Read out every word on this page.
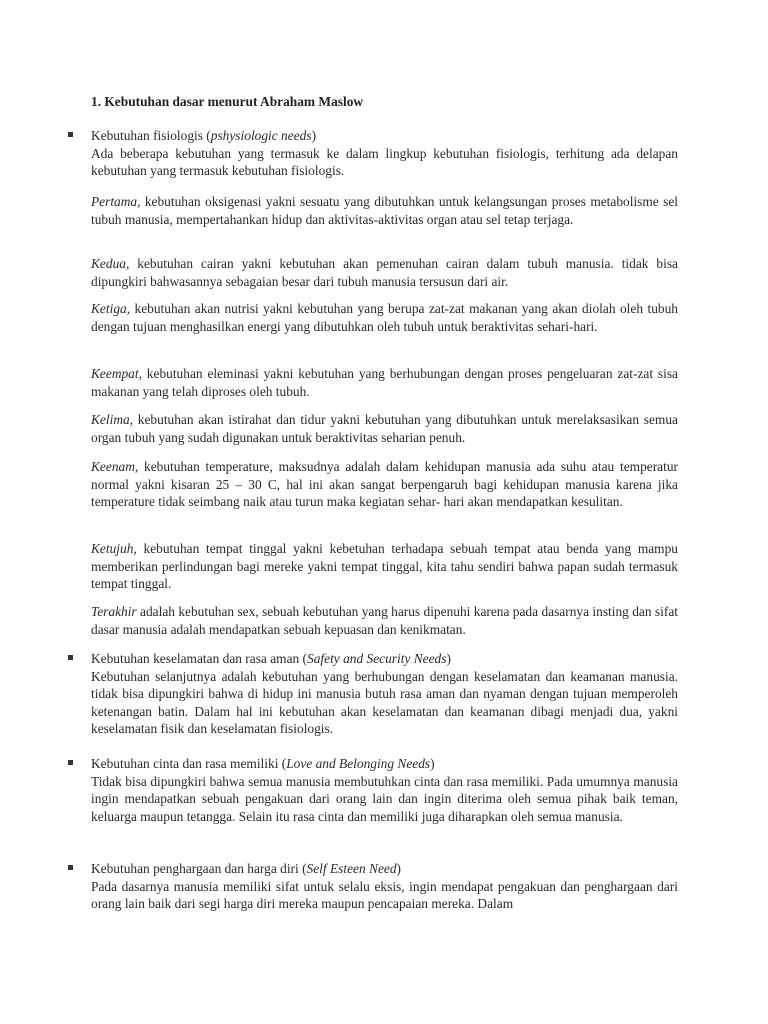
1. Kebutuhan dasar menurut Abraham Maslow
Kebutuhan fisiologis (pshysiologic needs)

Ada beberapa kebutuhan yang termasuk ke dalam lingkup kebutuhan fisiologis, terhitung ada delapan kebutuhan yang termasuk kebutuhan fisiologis.

Pertama, kebutuhan oksigenasi yakni sesuatu yang dibutuhkan untuk kelangsungan proses metabolisme sel tubuh manusia, mempertahankan hidup dan aktivitas-aktivitas organ atau sel tetap terjaga.

Kedua, kebutuhan cairan yakni kebutuhan akan pemenuhan cairan dalam tubuh manusia. tidak bisa dipungkiri bahwasannya sebagaian besar dari tubuh manusia tersusun dari air.

Ketiga, kebutuhan akan nutrisi yakni kebutuhan yang berupa zat-zat makanan yang akan diolah oleh tubuh dengan tujuan menghasilkan energi yang dibutuhkan oleh tubuh untuk beraktivitas sehari-hari.

Keempat, kebutuhan eleminasi yakni kebutuhan yang berhubungan dengan proses pengeluaran zat-zat sisa makanan yang telah diproses oleh tubuh.

Kelima, kebutuhan akan istirahat dan tidur yakni kebutuhan yang dibutuhkan untuk merelaksasikan semua organ tubuh yang sudah digunakan untuk beraktivitas seharian penuh.

Keenam, kebutuhan temperature, maksudnya adalah dalam kehidupan manusia ada suhu atau temperatur normal yakni kisaran 25 – 30 C, hal ini akan sangat berpengaruh bagi kehidupan manusia karena jika temperature tidak seimbang naik atau turun maka kegiatan sehar- hari akan mendapatkan kesulitan.

Ketujuh, kebutuhan tempat tinggal yakni kebetuhan terhadapa sebuah tempat atau benda yang mampu memberikan perlindungan bagi mereke yakni tempat tinggal, kita tahu sendiri bahwa papan sudah termasuk tempat tinggal.

Terakhir adalah kebutuhan sex, sebuah kebutuhan yang harus dipenuhi karena pada dasarnya insting dan sifat dasar manusia adalah mendapatkan sebuah kepuasan dan kenikmatan.

Kebutuhan keselamatan dan rasa aman (Safety and Security Needs)

Kebutuhan selanjutnya adalah kebutuhan yang berhubungan dengan keselamatan dan keamanan manusia. tidak bisa dipungkiri bahwa di hidup ini manusia butuh rasa aman dan nyaman dengan tujuan memperoleh ketenangan batin. Dalam hal ini kebutuhan akan keselamatan dan keamanan dibagi menjadi dua, yakni keselamatan fisik dan keselamatan fisiologis.

Kebutuhan cinta dan rasa memiliki (Love and Belonging Needs)

Tidak bisa dipungkiri bahwa semua manusia membutuhkan cinta dan rasa memiliki. Pada umumnya manusia ingin mendapatkan sebuah pengakuan dari orang lain dan ingin diterima oleh semua pihak baik teman, keluarga maupun tetangga. Selain itu rasa cinta dan memiliki juga diharapkan oleh semua manusia.

Kebutuhan penghargaan dan harga diri (Self Esteen Need)

Pada dasarnya manusia memiliki sifat untuk selalu eksis, ingin mendapat pengakuan dan penghargaan dari orang lain baik dari segi harga diri mereka maupun pencapaian mereka. Dalam
